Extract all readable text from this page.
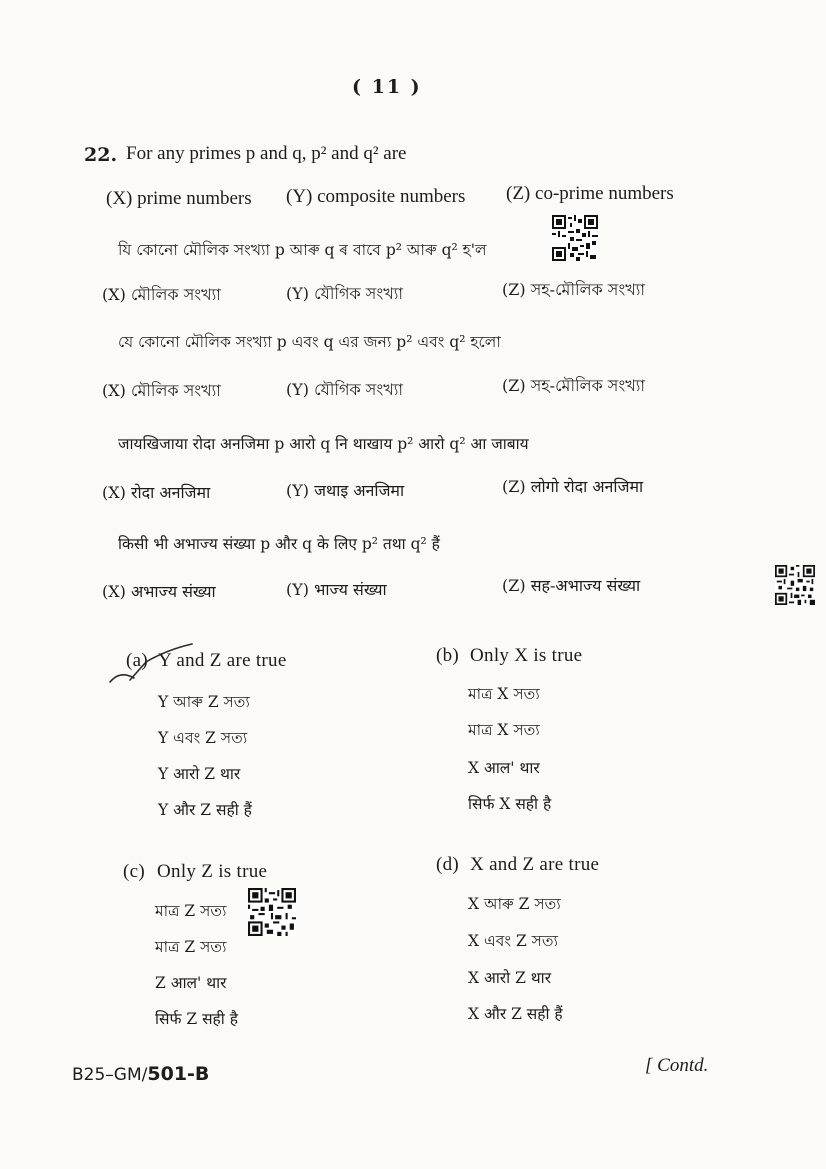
( 11 )
22. For any primes p and q, p² and q² are
(X) prime numbers (Y) composite numbers (Z) co-prime numbers
যি কোনো মৌলিক সংখ্যা p আৰু q ৰ বাবে p² আৰু q² হ'ল
(X) মৌলিক সংখ্যা	(Y) যৌগিক সংখ্যা	(Z) সহ-মৌলিক সংখ্যা
যে কোনো মৌলিক সংখ্যা p এবং q এর জন্য p² এবং q² হলো
(X) মৌলিক সংখ্যা	(Y) যৌগিক সংখ্যা	(Z) সহ-মৌলিক সংখ্যা
जायखिजाया रोदा अनजिमा p आरो q नि थाखाय p² आरो q² आ जाबाय
(X) रोदा अनजिमा	(Y) जथाइ अनजिमा	(Z) लोगो रोदा अनजिमा
किसी भी अभाज्य संख्या p और q के लिए p² तथा q² हैं
(X) अभाज्य संख्या	(Y) भाज्य संख्या	(Z) सह-अभाज्य संख्या
(a) Y and Z are true
Y আৰু Z সত্য
Y এবং Z সত্য
Y आरो Z थार
Y और Z सही हैं
(b) Only X is true
মাত্ৰ X সত্য
মাত্র X সত্য
X आल' थार
सिर्फ X सही है
(c) Only Z is true
মাত্ৰ Z সত্য
মাত্র Z সত্য
Z आल' थार
सिर्फ Z सही है
(d) X and Z are true
X আৰু Z সত্য
X এবং Z সত্য
X आरो Z थार
X और Z सही हैं
B25–GM/501-B	[ Contd.
